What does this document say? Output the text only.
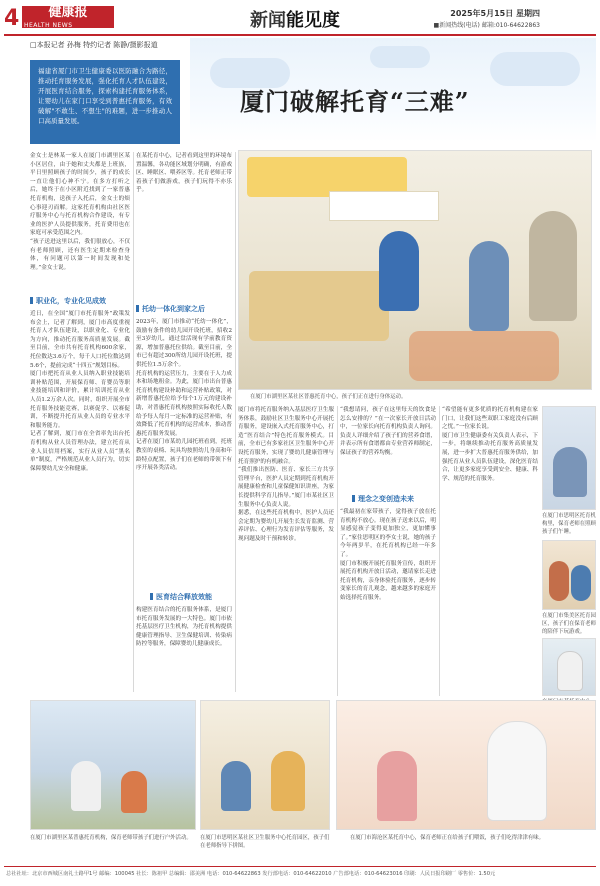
4	健康报
HEALTH NEWS	新闻能见度	2025年5月15日 星期四
■新闻热线(电话) 邮箱:010-64622863
□本报记者 孙梅 特约记者 陈静/摄影报道
福建省厦门市卫生健康委以医防融合为路径，推动托育服务发展，强化托育人才队伍建设，开展医育结合服务，探索构建托育服务体系，让婴幼儿在家门口享受到普惠托育服务，有效破解"不敢生、不想生"的难题，进一步推动人口高质量发展。
厦门破解托育“三难”

金女士是林某一家人在厦门市湖里区某小区居住，由于她和丈夫都是上班族，平日里照顾孩子的时间少，孩子的成长一直让他们心神不宁。在多方打听之后，她终于在小区附近找到了一家普惠托育机构，送孩子入托后，金女士的烦心事迎刃而解。这家托育机构由社区医疗服务中心与托育机构合作建设，有专业的医护人员提供服务，托育费用也在家庭可承受范围之内。

“孩子送进这里以后，我们很放心，不仅有老师照顾，还有医生定期来检查身体，有问题可以第一时间发现和处理。”金女士说。

职业化，专业化见成效

近日，在全国“厦门市托育服务”政策发布会上，记者了解到，厦门市高度重视托育人才队伍建设，以职业化、专业化为方向，推动托育服务高质量发展。截至目前，全市共有托育机构600余家，托位数达3.6万个，每千人口托位数达到5.6个，提前完成“十四五”规划目标。

厦门市把托育从业人员纳入职业技能培训补贴范围，开展保育师、育婴员等职业技能培训和评价，累计培训托育从业人员1.2万余人次。同时，组织开展全市托育服务技能竞赛，以赛促学、以赛促训，不断提升托育从业人员的专业水平和服务能力。

记者了解到，厦门市在全省率先出台托育机构从业人员管理办法，建立托育从业人员信用档案，实行从业人员“黑名单”制度，严格规范从业人员行为，切实保障婴幼儿安全和健康。

在某托育中心，记者看到这里的环境布置温馨，各功能区域划分明确，有游戏区、睡眠区、喂养区等。托育老师正带着孩子们做游戏，孩子们玩得不亦乐乎。

托幼一体化到家之后

2023年，厦门市推动“托幼一体化”，鼓励有条件的幼儿园开设托班，招收2至3岁幼儿，通过盘活现有学前教育资源，增加普惠托位供给。截至目前，全市已有超过300所幼儿园开设托班，提供托位1.5万余个。

托育机构的运营压力，主要在于人力成本和场地租金。为此，厦门市出台普惠托育机构建设补助和运营补贴政策，对新增普惠托位给予每个1万元的建设补助，对普惠托育机构按照实际收托人数给予每人每月一定标准的运营补贴，有效降低了托育机构的运营成本，推动普惠托育服务发展。

记者在厦门市某幼儿园托班看到，托班教室的桌椅、玩具均按照幼儿身高和年龄特点配置，孩子们在老师的带领下有序开展各类活动。

医育结合释放效能

构建医育结合的托育服务体系，是厦门市托育服务发展的一大特色。厦门市依托基层医疗卫生机构，为托育机构提供健康管理指导、卫生保健培训、传染病防控等服务，保障婴幼儿健康成长。

在厦门市湖里区某社区普惠托育中心，孩子们正在进行身体运动。

厦门市将托育服务纳入基层医疗卫生服务体系，鼓励社区卫生服务中心开展托育服务，建设嵌入式托育服务中心，打造“医育结合”特色托育服务模式。目前，全市已有多家社区卫生服务中心开设托育服务，实现了婴幼儿健康管理与托育照护的有机融合。

“我们推出医防、医育、家长三方共享管理平台，医护人员定期到托育机构开展健康检查和儿童保健知识讲座，为家长提供科学育儿指导。”厦门市某社区卫生服务中心负责人说。

据悉，在这些托育机构中，医护人员还会定期为婴幼儿开展生长发育监测、营养评估、心理行为发育评估等服务，发现问题及时干预和转诊。

“我想请问，孩子在这里每天的饮食是怎么安排的？”在一次家长开放日活动中，一位家长向托育机构负责人询问。负责人详细介绍了孩子们的营养食谱，并表示所有食谱都由专业营养师制定，保证孩子的营养均衡。

理念之变创造未来

“我最初在家带孩子，觉得孩子放在托育机构不放心。现在孩子送来以后，明显感觉孩子变得更加独立，更加懂事了。”家住思明区的李女士说，她的孩子今年两岁半，在托育机构已经一年多了。

厦门市积极开展托育服务宣传，组织开展托育机构开放日活动，邀请家长走进托育机构，亲身体验托育服务，逐步转变家长的育儿观念，越来越多的家庭开始选择托育服务。

“希望能有更多优质的托育机构建在家门口，让我们这些双职工家庭没有后顾之忧。”一位家长说。

厦门市卫生健康委有关负责人表示，下一步，将继续推动托育服务高质量发展，进一步扩大普惠托育服务供给，加强托育从业人员队伍建设，深化医育结合，让更多家庭享受到安全、健康、科学、规范的托育服务。

在厦门市思明区托育机构里，保育老师在照顾孩子们午睡。
在厦门市集美区托育园区，孩子们在保育老师的陪伴下玩游戏。
在厦门市湖里区某普惠托育机构，保育老师带孩子们进行户外活动。	在厦门市思明区某社区卫生服务中心托育园区，孩子们在老师指导下拼图。
在厦门市海沧区某托育中心，保育老师正在给孩子们喂饭，孩子们吃得津津有味。
总社社址：北京市西城区南礼士路甲1号 邮编：100045 社长：陈祖甲 总编辑：邵美洲 电话：010-64622863 发行部电话：010-64622010 广告部电话：010-64623016 印刷：人民日报印刷厂 零售价：1.50元
